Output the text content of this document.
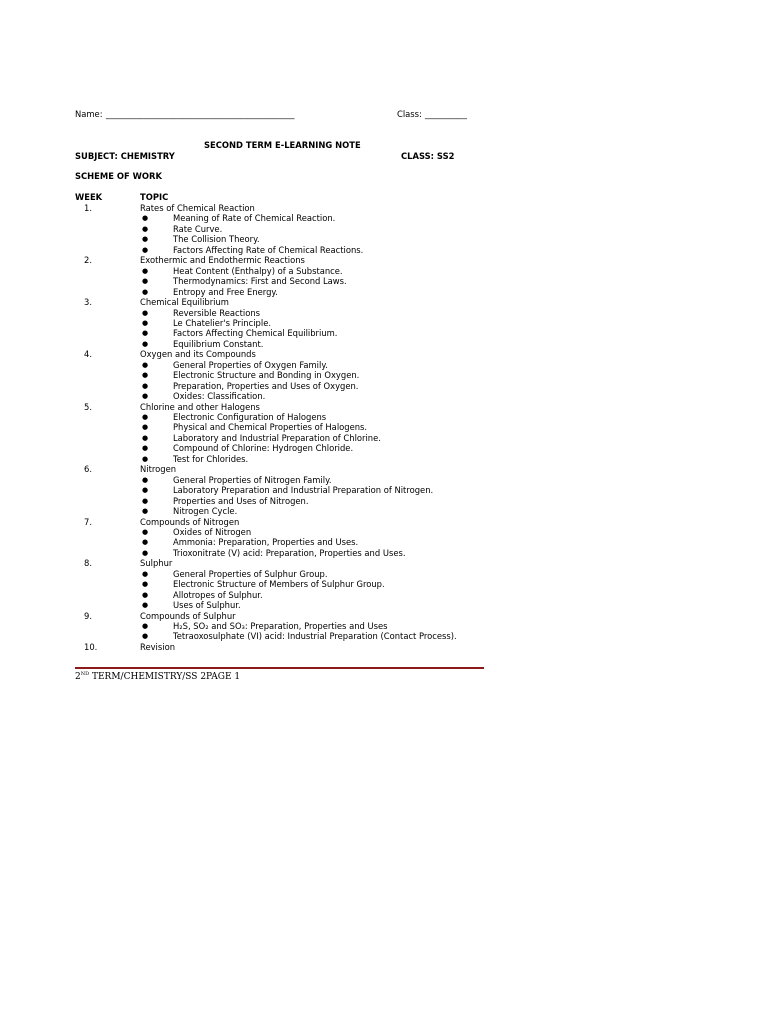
Name: _____________________________________________	Class: __________
SECOND TERM E-LEARNING NOTE
SUBJECT: CHEMISTRY	CLASS: SS2
SCHEME OF WORK
WEEK	TOPIC
1.	Rates of Chemical Reaction
●	Meaning of Rate of Chemical Reaction.
●	Rate Curve.
●	The Collision Theory.
●	Factors Affecting Rate of Chemical Reactions.
2.	Exothermic and Endothermic Reactions
●	Heat Content (Enthalpy) of a Substance.
●	Thermodynamics: First and Second Laws.
●	Entropy and Free Energy.
3.	Chemical Equilibrium
●	Reversible Reactions
●	Le Chatelier's Principle.
●	Factors Affecting Chemical Equilibrium.
●	Equilibrium Constant.
4.	Oxygen and its Compounds
●	General Properties of Oxygen Family.
●	Electronic Structure and Bonding in Oxygen.
●	Preparation, Properties and Uses of Oxygen.
●	Oxides: Classification.
5.	Chlorine and other Halogens
●	Electronic Configuration of Halogens
●	Physical and Chemical Properties of Halogens.
●	Laboratory and Industrial Preparation of Chlorine.
●	Compound of Chlorine: Hydrogen Chloride.
●	Test for Chlorides.
6.	Nitrogen
●	General Properties of Nitrogen Family.
●	Laboratory Preparation and Industrial Preparation of Nitrogen.
●	Properties and Uses of Nitrogen.
●	Nitrogen Cycle.
7.	Compounds of Nitrogen
●	Oxides of Nitrogen
●	Ammonia: Preparation, Properties and Uses.
●	Trioxonitrate (V) acid: Preparation, Properties and Uses.
8.	Sulphur
●	General Properties of Sulphur Group.
●	Electronic Structure of Members of Sulphur Group.
●	Allotropes of Sulphur.
●	Uses of Sulphur.
9.	Compounds of Sulphur
●	H₂S, SO₂ and SO₃: Preparation, Properties and Uses
●	Tetraoxosulphate (VI) acid: Industrial Preparation (Contact Process).
10.	Revision
2ND TERM/CHEMISTRY/SS 2PAGE 1
